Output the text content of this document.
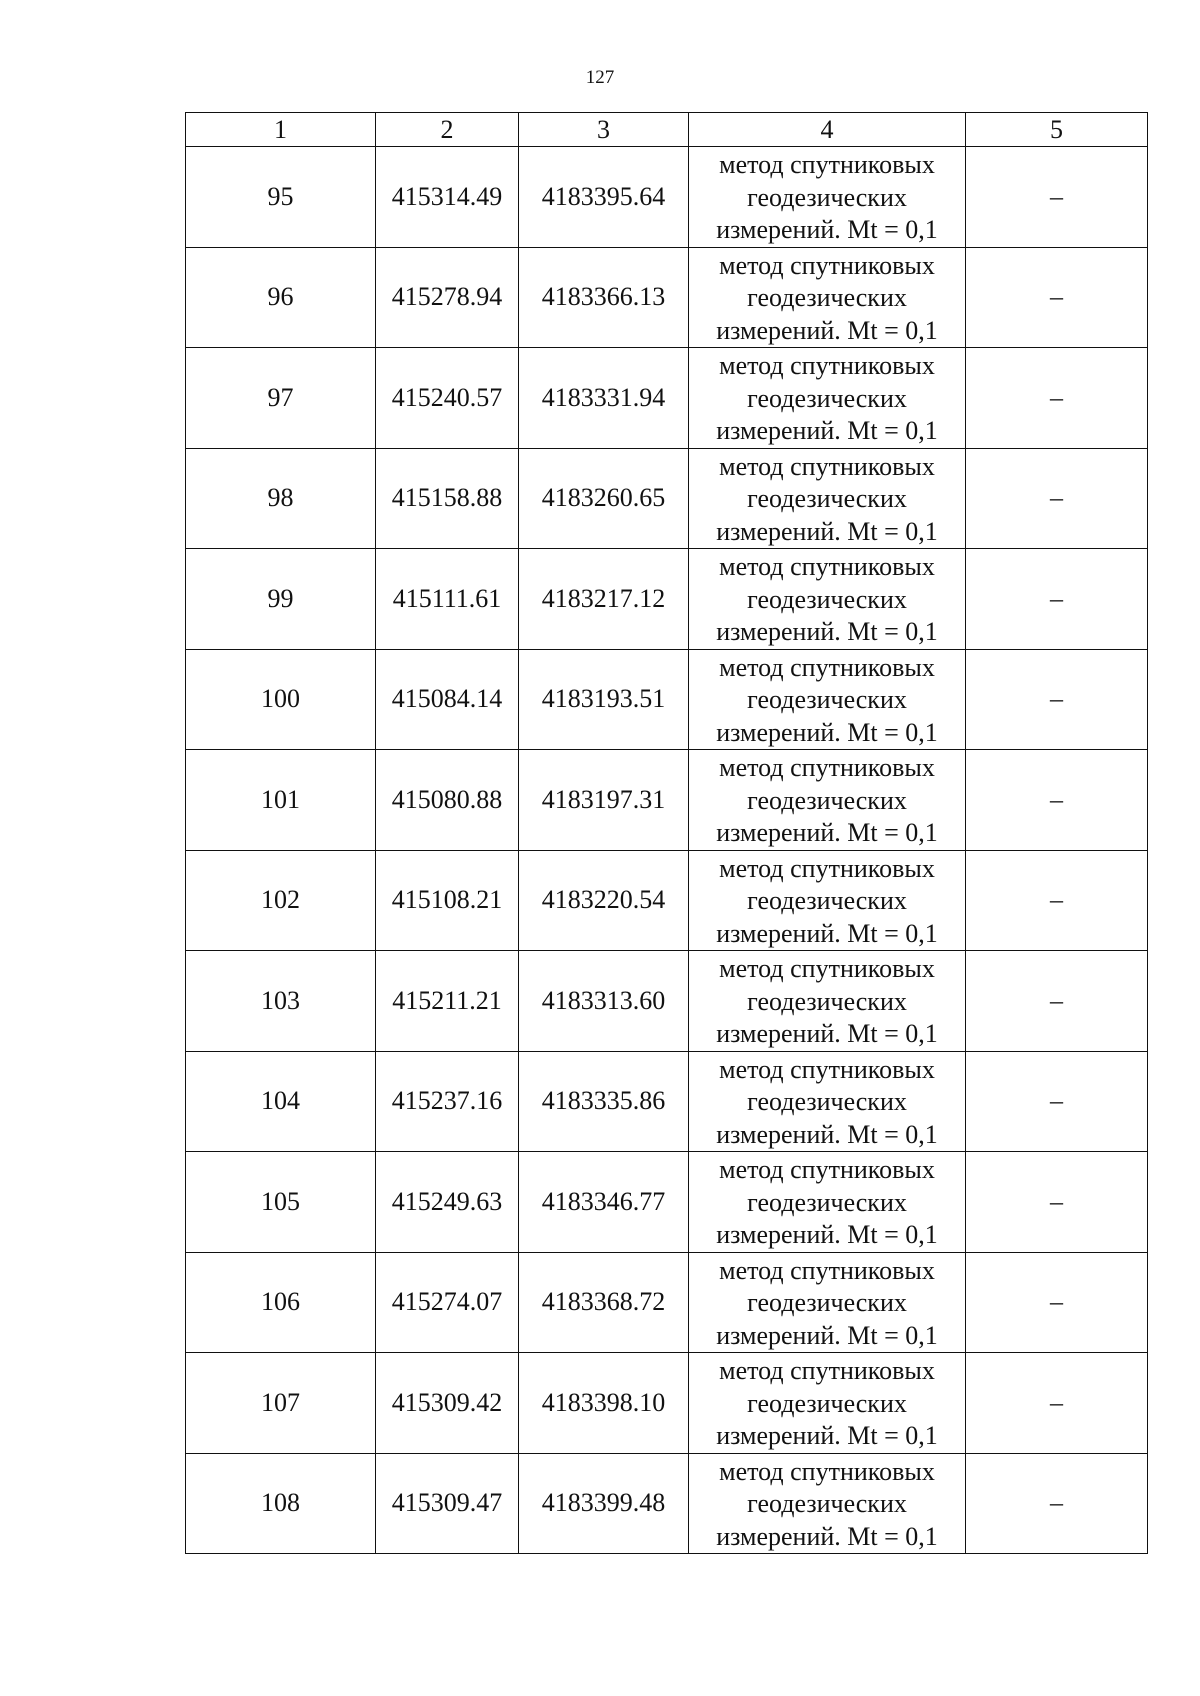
127
1	2	3	4	5
95	415314.49	4183395.64	метод спутниковых
геодезических
измерений. Mt = 0,1	–
96	415278.94	4183366.13	метод спутниковых
геодезических
измерений. Mt = 0,1	–
97	415240.57	4183331.94	метод спутниковых
геодезических
измерений. Mt = 0,1	–
98	415158.88	4183260.65	метод спутниковых
геодезических
измерений. Mt = 0,1	–
99	415111.61	4183217.12	метод спутниковых
геодезических
измерений. Mt = 0,1	–
100	415084.14	4183193.51	метод спутниковых
геодезических
измерений. Mt = 0,1	–
101	415080.88	4183197.31	метод спутниковых
геодезических
измерений. Mt = 0,1	–
102	415108.21	4183220.54	метод спутниковых
геодезических
измерений. Mt = 0,1	–
103	415211.21	4183313.60	метод спутниковых
геодезических
измерений. Mt = 0,1	–
104	415237.16	4183335.86	метод спутниковых
геодезических
измерений. Mt = 0,1	–
105	415249.63	4183346.77	метод спутниковых
геодезических
измерений. Mt = 0,1	–
106	415274.07	4183368.72	метод спутниковых
геодезических
измерений. Mt = 0,1	–
107	415309.42	4183398.10	метод спутниковых
геодезических
измерений. Mt = 0,1	–
108	415309.47	4183399.48	метод спутниковых
геодезических
измерений. Mt = 0,1	–
